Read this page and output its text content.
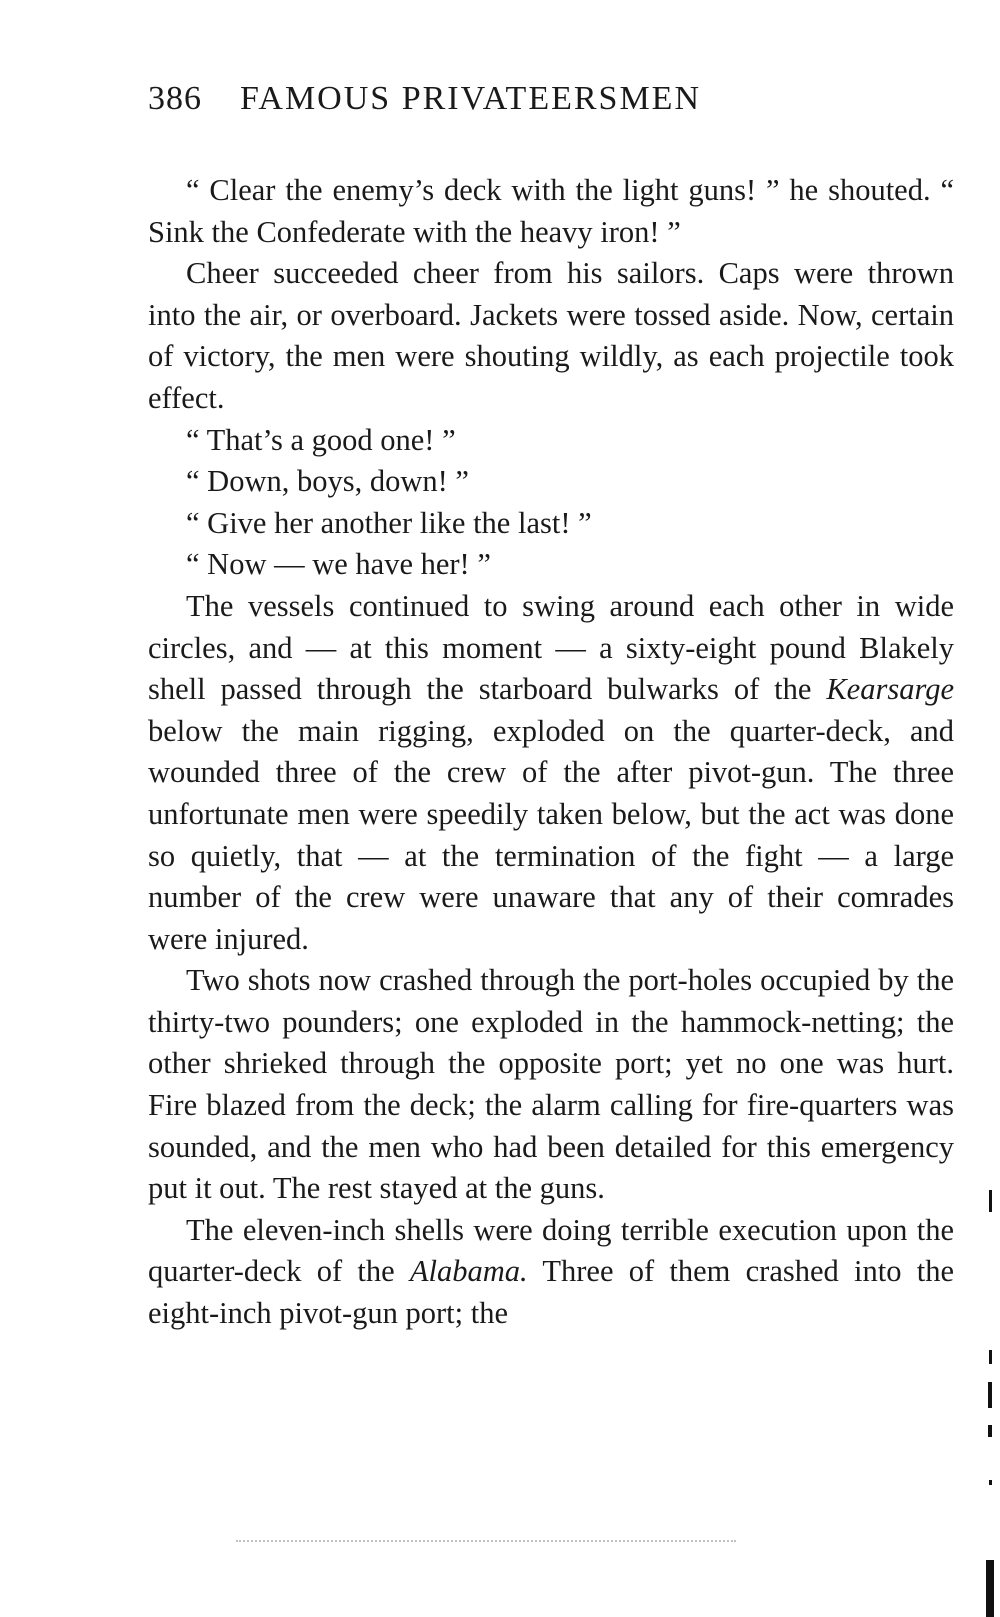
386 FAMOUS PRIVATEERSMEN

“ Clear the enemy’s deck with the light guns! ” he shouted. “ Sink the Confederate with the heavy iron! ”

Cheer succeeded cheer from his sailors. Caps were thrown into the air, or overboard. Jackets were tossed aside. Now, certain of victory, the men were shouting wildly, as each projectile took effect.

“ That’s a good one! ”

“ Down, boys, down! ”

“ Give her another like the last! ”

“ Now — we have her! ”

The vessels continued to swing around each other in wide circles, and — at this moment — a sixty-eight pound Blakely shell passed through the starboard bulwarks of the Kearsarge below the main rigging, exploded on the quarter-deck, and wounded three of the crew of the after pivot-gun. The three unfortunate men were speedily taken below, but the act was done so quietly, that — at the termination of the fight — a large number of the crew were unaware that any of their comrades were injured.

Two shots now crashed through the port-holes occupied by the thirty-two pounders; one exploded in the hammock-netting; the other shrieked through the opposite port; yet no one was hurt. Fire blazed from the deck; the alarm calling for fire-quarters was sounded, and the men who had been detailed for this emergency put it out. The rest stayed at the guns.

The eleven-inch shells were doing terrible execution upon the quarter-deck of the Alabama. Three of them crashed into the eight-inch pivot-gun port; the
